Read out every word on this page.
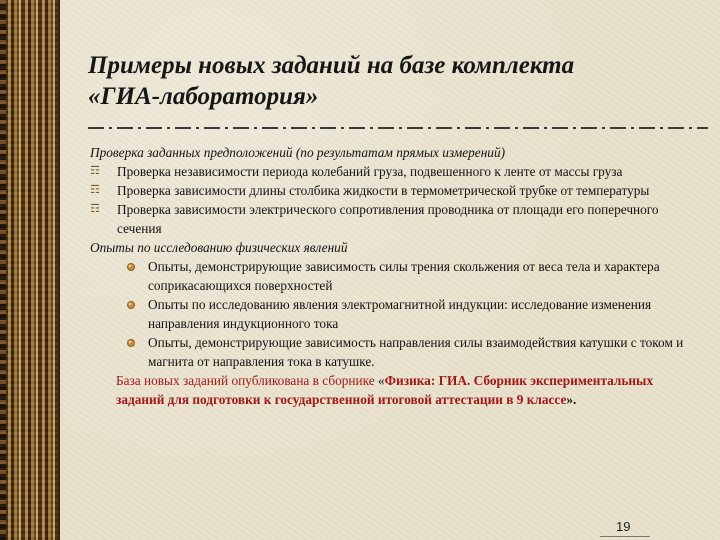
Примеры новых заданий на базе комплекта
«ГИА-лаборатория»

Проверка заданных предположений (по результатам прямых измерений)

☶ Проверка независимости периода колебаний груза, подвешенного к ленте от массы груза

☶ Проверка зависимости длины столбика жидкости в термометрической трубке от температуры

☶ Проверка зависимости электрического сопротивления проводника от площади его поперечного сечения

Опыты по исследованию физических явлений

Опыты, демонстрирующие зависимость силы трения скольжения от веса тела и характера соприкасающихся поверхностей

Опыты по исследованию явления электромагнитной индукции: исследование изменения направления индукционного тока

Опыты, демонстрирующие зависимость направления силы взаимодействия катушки с током и магнита от направления тока в катушке.

База новых заданий опубликована в сборнике «Физика: ГИА. Сборник экспериментальных заданий для подготовки к государственной итоговой аттестации в 9 классе».

19
